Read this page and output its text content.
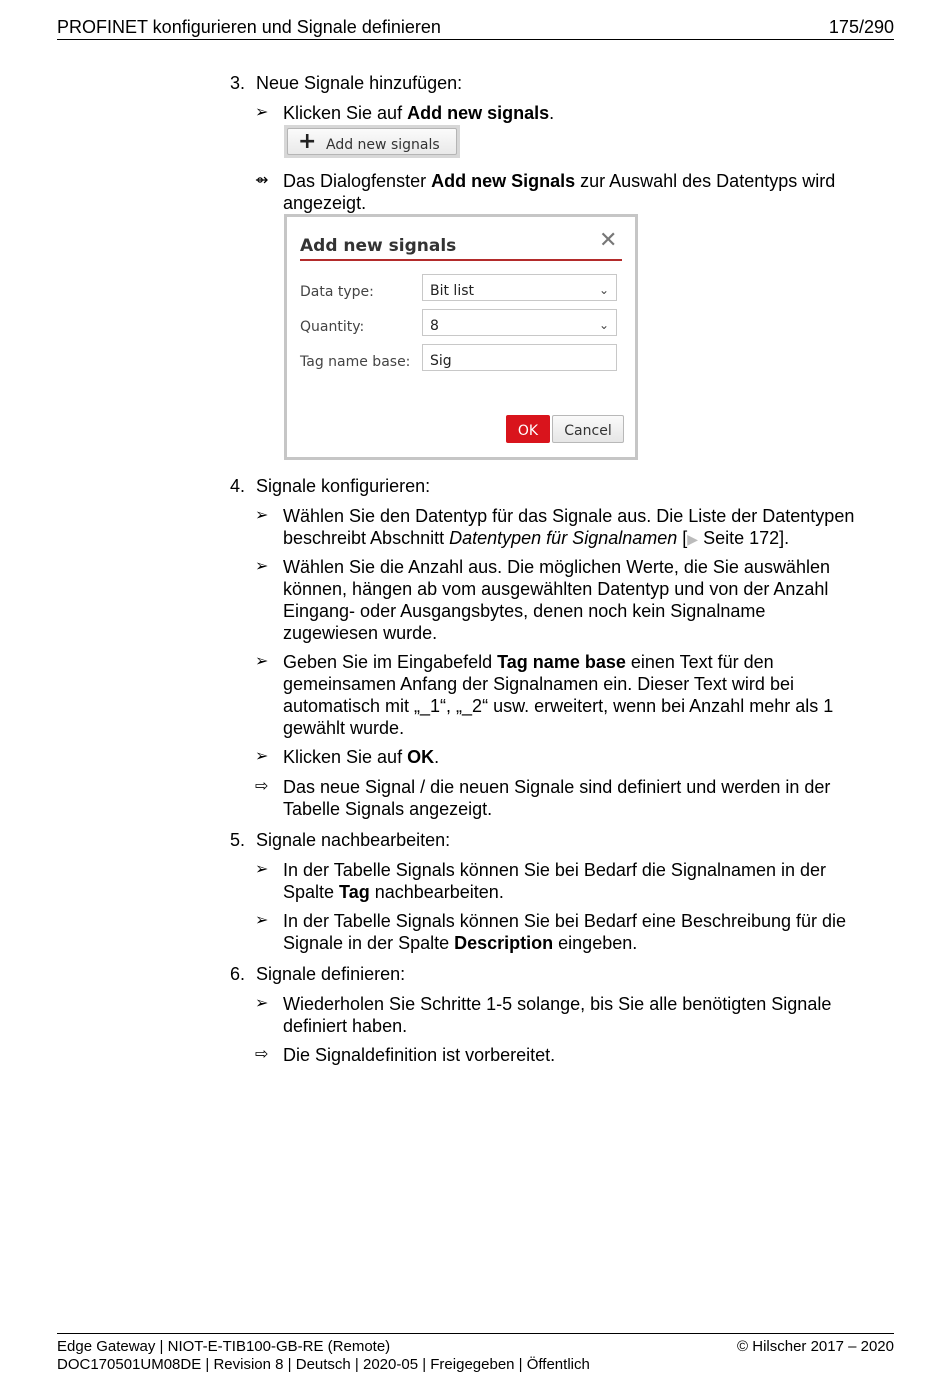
PROFINET konfigurieren und Signale definieren	175/290
3. Neue Signale hinzufügen:
➢ Klicken Sie auf Add new signals.
+ Add new signals
⇴ Das Dialogfenster Add new Signals zur Auswahl des Datentyps wird angezeigt.
Add new signals	✕
Data type:	Bit list	⌄
Quantity:	8	⌄
Tag name base:	Sig
OK	Cancel
4. Signale konfigurieren:
➢ Wählen Sie den Datentyp für das Signale aus. Die Liste der Datentypen
beschreibt Abschnitt Datentypen für Signalnamen [▶ Seite 172].
➢ Wählen Sie die Anzahl aus. Die möglichen Werte, die Sie auswählen
können, hängen ab vom ausgewählten Datentyp und von der Anzahl
Eingang- oder Ausgangsbytes, denen noch kein Signalname
zugewiesen wurde.
➢ Geben Sie im Eingabefeld Tag name base einen Text für den
gemeinsamen Anfang der Signalnamen ein. Dieser Text wird bei
automatisch mit „_1“, „_2“ usw. erweitert, wenn bei Anzahl mehr als 1
gewählt wurde.
➢ Klicken Sie auf OK.
⇨ Das neue Signal / die neuen Signale sind definiert und werden in der
Tabelle Signals angezeigt.
5. Signale nachbearbeiten:
➢ In der Tabelle Signals können Sie bei Bedarf die Signalnamen in der
Spalte Tag nachbearbeiten.
➢ In der Tabelle Signals können Sie bei Bedarf eine Beschreibung für die
Signale in der Spalte Description eingeben.
6. Signale definieren:
➢ Wiederholen Sie Schritte 1-5 solange, bis Sie alle benötigten Signale
definiert haben.
⇨ Die Signaldefinition ist vorbereitet.
Edge Gateway | NIOT-E-TIB100-GB-RE (Remote)
DOC170501UM08DE | Revision 8 | Deutsch | 2020-05 | Freigegeben | Öffentlich
© Hilscher 2017 – 2020
